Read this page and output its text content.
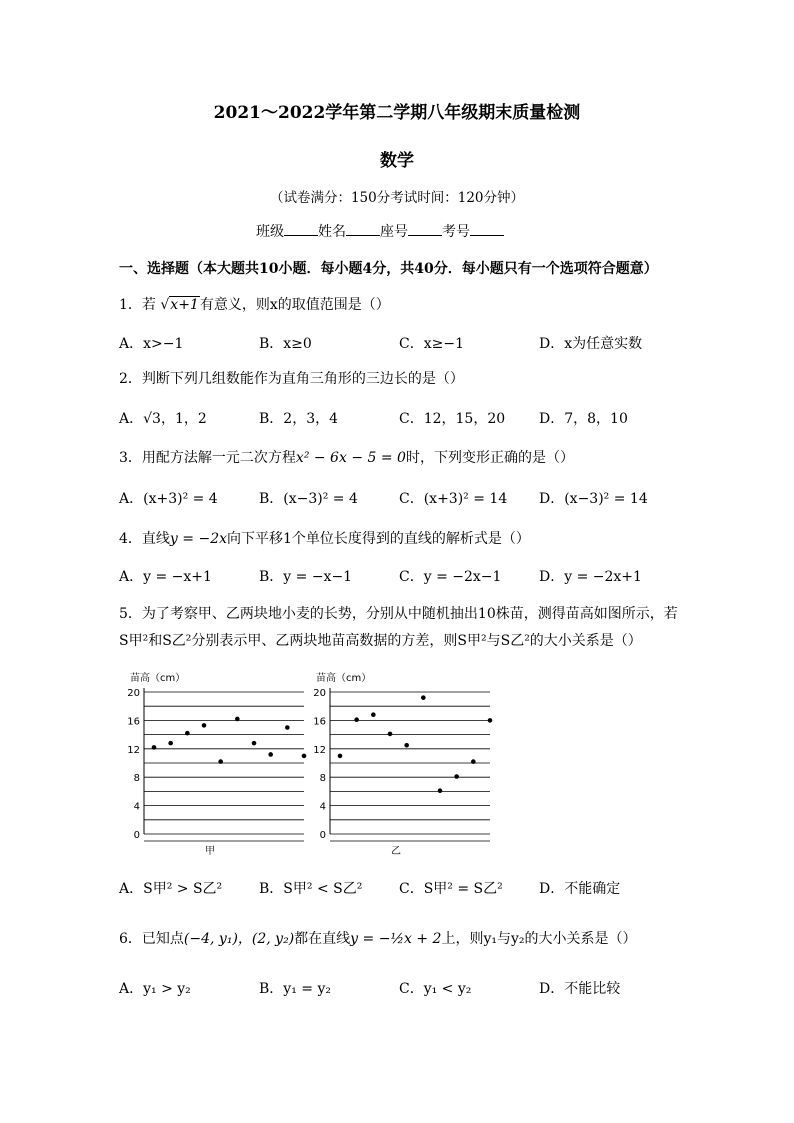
2021～2022学年第二学期八年级期末质量检测
数学
（试卷满分：150分考试时间：120分钟）
班级 姓名 座号 考号
一、选择题（本大题共10小题．每小题4分，共40分．每小题只有一个选项符合题意）
1．若 √x+1有意义，则x的取值范围是（）
A．x>−1	B．x≥0	C．x≥−1	D．x为任意实数
2．判断下列几组数能作为直角三角形的三边长的是（）
A．√3，1，2	B．2，3，4	C．12，15，20 D．7，8，10
3．用配方法解一元二次方程x² − 6x − 5 = 0时，下列变形正确的是（）
A．(x+3)² = 4	B．(x−3)² = 4	C．(x+3)² = 14 D．(x−3)² = 14
4．直线y = −2x向下平移1个单位长度得到的直线的解析式是（）
A．y = −x+1	B．y = −x−1	C．y = −2x−1	D．y = −2x+1
5．为了考察甲、乙两块地小麦的长势，分别从中随机抽出10株苗，测得苗高如图所示，若
S甲²和S乙²分别表示甲、乙两块地苗高数据的方差，则S甲²与S乙²的大小关系是（）
苗高（cm）
0
4
8
12
16
20
甲
苗高（cm）
0
4
8
12
16
20
乙
A．S甲² > S乙²	B．S甲² < S乙²	C．S甲² = S乙²	D．不能确定
6．已知点(−4, y₁)，(2, y₂)都在直线y = −½x + 2上，则y₁与y₂的大小关系是（）
A．y₁ > y₂	B．y₁ = y₂	C．y₁ < y₂	D．不能比较
